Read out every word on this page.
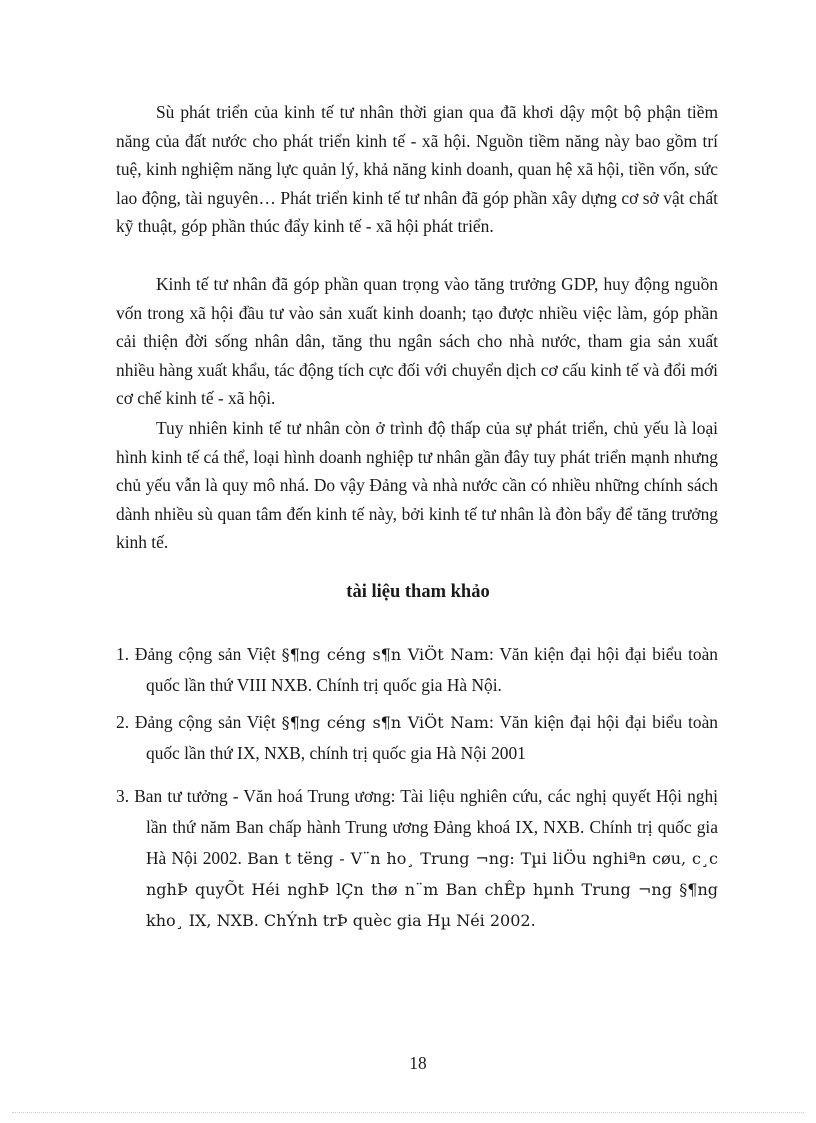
Sù phát triển của kinh tế tư nhân thời gian qua đã khơi dậy một bộ phận tiềm năng của đất nước cho phát triển kinh tế - xã hội. Nguồn tiềm năng này bao gồm trí tuệ, kinh nghiệm năng lực quản lý, khả năng kinh doanh, quan hệ xã hội, tiền vốn, sức lao động, tài nguyên… Phát triển kinh tế tư nhân đã góp phần xây dựng cơ sở vật chất kỹ thuật, góp phần thúc đẩy kinh tế - xã hội phát triển.

Kinh tế tư nhân đã góp phần quan trọng vào tăng trưởng GDP, huy động nguồn vốn trong xã hội đầu tư vào sản xuất kinh doanh; tạo được nhiều việc làm, góp phần cải thiện đời sống nhân dân, tăng thu ngân sách cho nhà nước, tham gia sản xuất nhiều hàng xuất khẩu, tác động tích cực đối với chuyển dịch cơ cấu kinh tế và đổi mới cơ chế kinh tế - xã hội.

Tuy nhiên kinh tế tư nhân còn ở trình độ thấp của sự phát triển, chủ yếu là loại hình kinh tế cá thể, loại hình doanh nghiệp tư nhân gần đây tuy phát triển mạnh nhưng chủ yếu vẫn là quy mô nhá. Do vậy Đảng và nhà nước cần có nhiều những chính sách dành nhiều sù quan tâm đến kinh tế này, bởi kinh tế tư nhân là đòn bẩy để tăng trưởng kinh tế.

tài liệu tham khảo
1. Đảng cộng sản Việt §¶ng céng s¶n ViÖt Nam: Văn kiện đại hội đại biểu toàn quốc lần thứ VIII NXB. Chính trị quốc gia Hà Nội.
2. Đảng cộng sản Việt §¶ng céng s¶n ViÖt Nam: Văn kiện đại hội đại biểu toàn quốc lần thứ IX, NXB, chính trị quốc gia Hà Nội 2001
3. Ban tư tưởng - Văn hoá Trung ương: Tài liệu nghiên cứu, các nghị quyết Hội nghị lần thứ năm Ban chấp hành Trung ương Đảng khoá IX, NXB. Chính trị quốc gia Hà Nội 2002. Ban t tëng - V¨n ho¸ Trung ¬ng: Tµi liÖu nghiªn cøu, c¸c nghÞ quyÕt Héi nghÞ lÇn thø n¨m Ban chÊp hµnh Trung ¬ng §¶ng kho¸ IX, NXB. ChÝnh trÞ quèc gia Hµ Néi 2002.
18
